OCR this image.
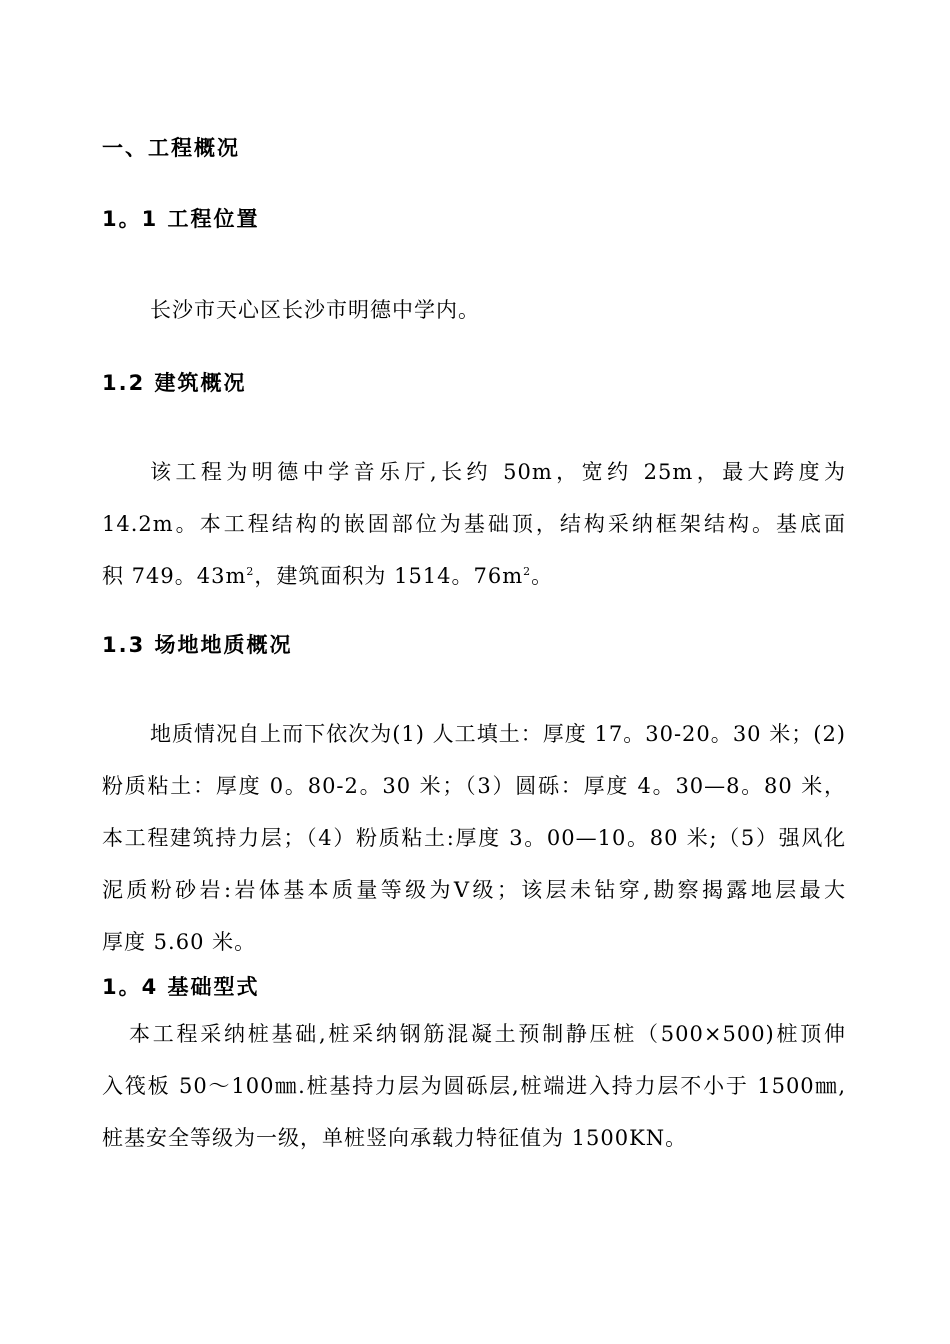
一、工程概况
1。1 工程位置
长沙市天心区长沙市明德中学内。
1.2 建筑概况
该工程为明德中学音乐厅,长约 50m，宽约 25m，最大跨度为
14.2m。本工程结构的嵌固部位为基础顶，结构采纳框架结构。基底面
积 749。$43m^2$，建筑面积为 1514。$76m^2$。
1.3 场地地质概况
地质情况自上而下依次为(1) 人工填土：厚度 17。30-20。30 米；(2)
粉质粘土：厚度 0。80-2。30 米；（3）圆砾：厚度 4。30—8。80 米，
本工程建筑持力层；（4）粉质粘土:厚度 3。00—10。80 米;（5）强风化
泥质粉砂岩:岩体基本质量等级为Ⅴ级；该层未钻穿,勘察揭露地层最大
厚度 5.60 米。
1。4 基础型式
本工程采纳桩基础,桩采纳钢筋混凝土预制静压桩（500×500)桩顶伸
入筏板 50～100㎜.桩基持力层为圆砾层,桩端进入持力层不小于 1500㎜,
桩基安全等级为一级，单桩竖向承载力特征值为 1500KN。
